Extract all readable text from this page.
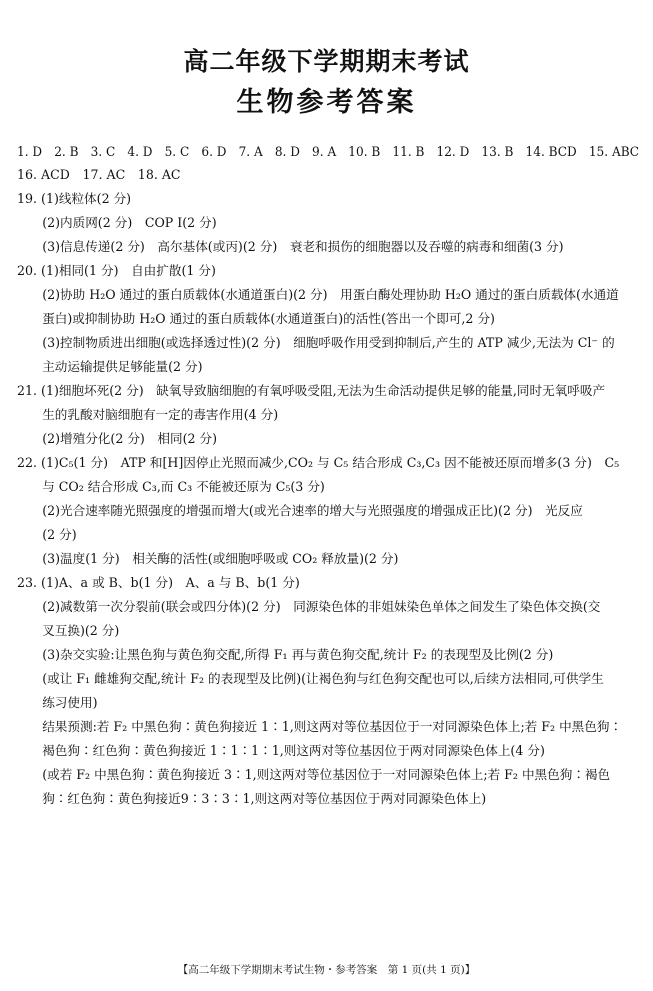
高二年级下学期期末考试
生物参考答案
1. D　2. B　3. C　4. D　5. C　6. D　7. A　8. D　9. A　10. B　11. B　12. D　13. B　14. BCD　15. ABC
16. ACD　17. AC　18. AC
19. (1)线粒体(2 分)
　　(2)内质网(2 分)　COP Ⅰ(2 分)
　　(3)信息传递(2 分)　高尔基体(或丙)(2 分)　衰老和损伤的细胞器以及吞噬的病毒和细菌(3 分)
20. (1)相同(1 分)　自由扩散(1 分)
　　(2)协助 H₂O 通过的蛋白质载体(水通道蛋白)(2 分)　用蛋白酶处理协助 H₂O 通过的蛋白质载体(水通道
　　蛋白)或抑制协助 H₂O 通过的蛋白质载体(水通道蛋白)的活性(答出一个即可,2 分)
　　(3)控制物质进出细胞(或选择透过性)(2 分)　细胞呼吸作用受到抑制后,产生的 ATP 减少,无法为 Cl⁻ 的
　　主动运输提供足够能量(2 分)
21. (1)细胞坏死(2 分)　缺氧导致脑细胞的有氧呼吸受阻,无法为生命活动提供足够的能量,同时无氧呼吸产
　　生的乳酸对脑细胞有一定的毒害作用(4 分)
　　(2)增殖分化(2 分)　相同(2 分)
22. (1)C₅(1 分)　ATP 和[H]因停止光照而减少,CO₂ 与 C₅ 结合形成 C₃,C₃ 因不能被还原而增多(3 分)　C₅
　　与 CO₂ 结合形成 C₃,而 C₃ 不能被还原为 C₅(3 分)
　　(2)光合速率随光照强度的增强而增大(或光合速率的增大与光照强度的增强成正比)(2 分)　光反应
　　(2 分)
　　(3)温度(1 分)　相关酶的活性(或细胞呼吸或 CO₂ 释放量)(2 分)
23. (1)A、a 或 B、b(1 分)　A、a 与 B、b(1 分)
　　(2)减数第一次分裂前(联会或四分体)(2 分)　同源染色体的非姐妹染色单体之间发生了染色体交换(交
　　叉互换)(2 分)
　　(3)杂交实验:让黑色狗与黄色狗交配,所得 F₁ 再与黄色狗交配,统计 F₂ 的表现型及比例(2 分)
　　(或让 F₁ 雌雄狗交配,统计 F₂ 的表现型及比例)(让褐色狗与红色狗交配也可以,后续方法相同,可供学生
　　练习使用)
　　结果预测:若 F₂ 中黑色狗∶黄色狗接近 1∶1,则这两对等位基因位于一对同源染色体上;若 F₂ 中黑色狗∶
　　褐色狗∶红色狗∶黄色狗接近 1∶1∶1∶1,则这两对等位基因位于两对同源染色体上(4 分)
　　(或若 F₂ 中黑色狗∶黄色狗接近 3∶1,则这两对等位基因位于一对同源染色体上;若 F₂ 中黑色狗∶褐色
　　狗∶红色狗∶黄色狗接近9∶3∶3∶1,则这两对等位基因位于两对同源染色体上)
【高二年级下学期期末考试生物・参考答案　第 1 页(共 1 页)】
